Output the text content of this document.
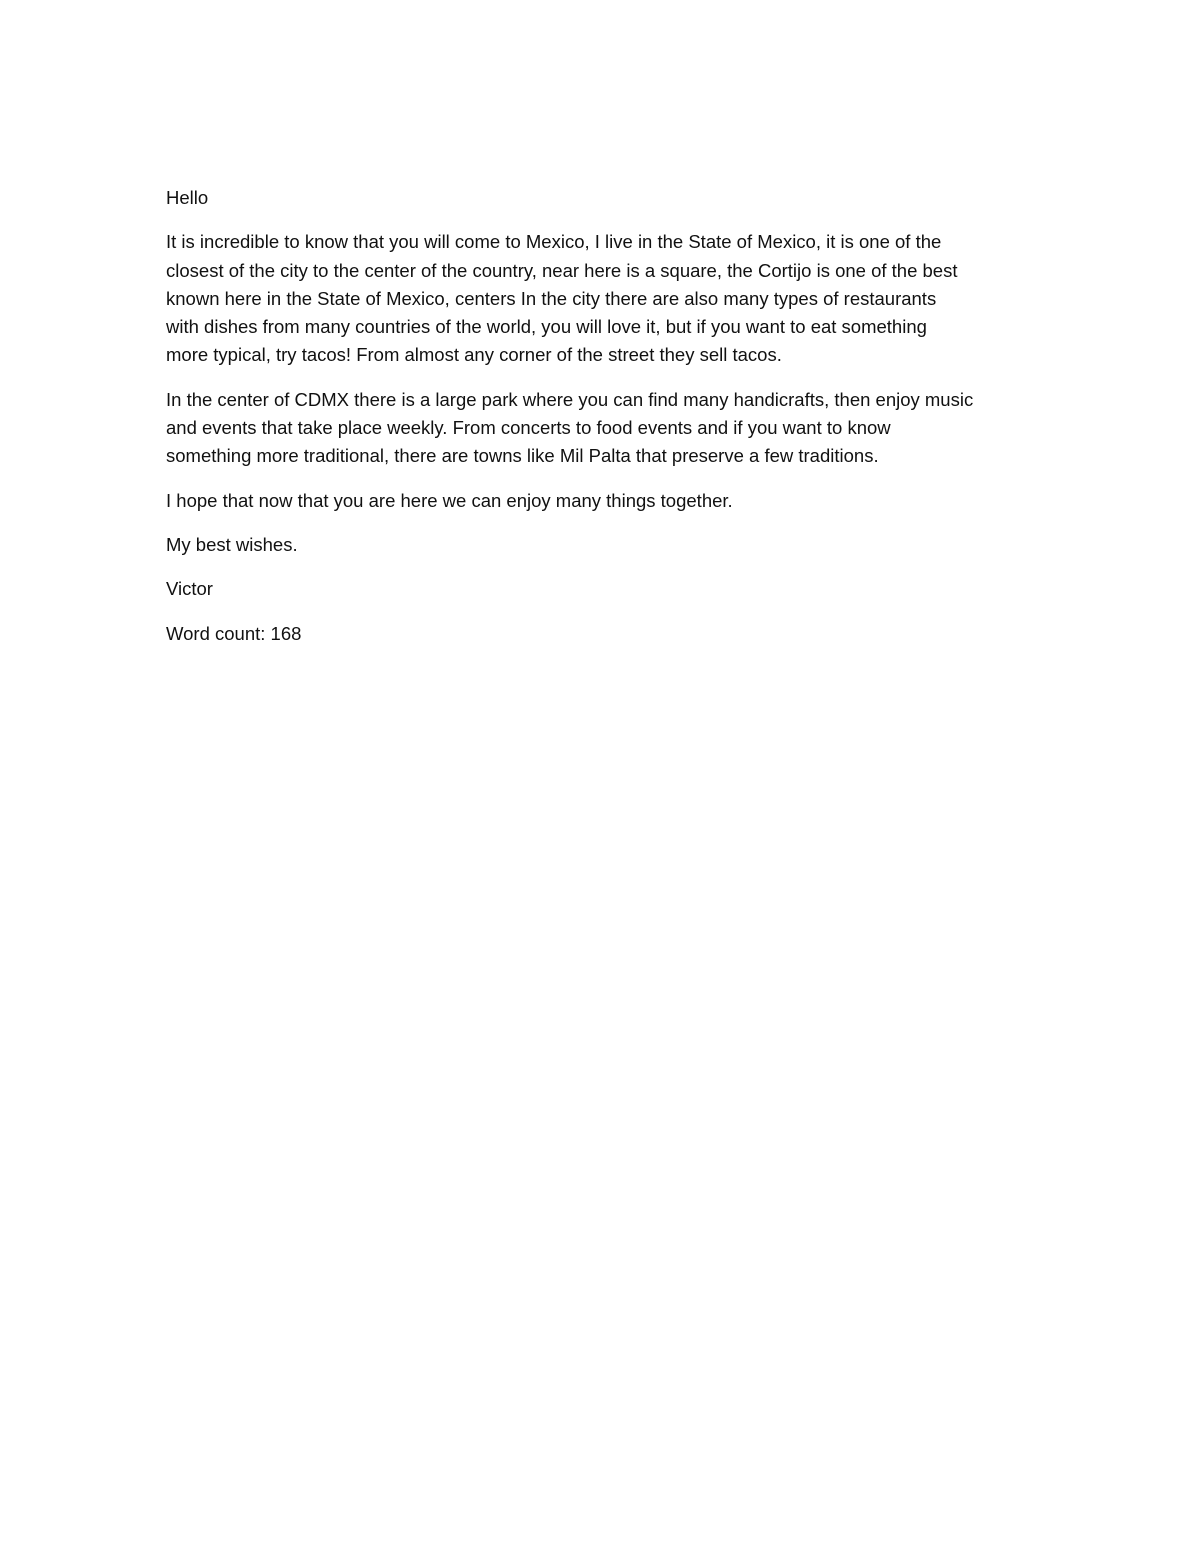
Hello

It is incredible to know that you will come to Mexico, I live in the State of Mexico, it is one of the
closest of the city to the center of the country, near here is a square, the Cortijo is one of the best
known here in the State of Mexico, centers In the city there are also many types of restaurants
with dishes from many countries of the world, you will love it, but if you want to eat something
more typical, try tacos! From almost any corner of the street they sell tacos.

In the center of CDMX there is a large park where you can find many handicrafts, then enjoy music
and events that take place weekly. From concerts to food events and if you want to know
something more traditional, there are towns like Mil Palta that preserve a few traditions.

I hope that now that you are here we can enjoy many things together.

My best wishes.

Victor

Word count: 168
